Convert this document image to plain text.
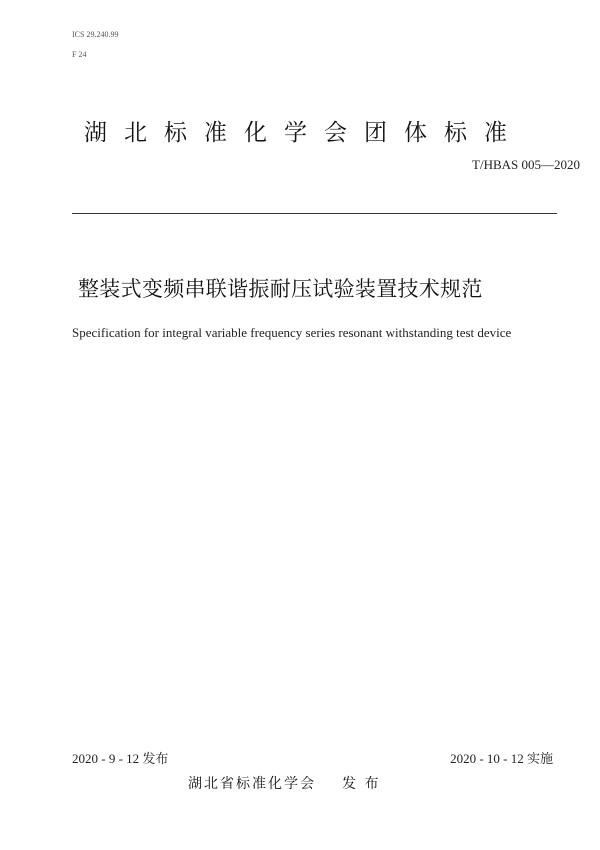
ICS 29.240.99
F 24
湖北标准化学会团体标准
T/HBAS 005—2020
整装式变频串联谐振耐压试验装置技术规范
Specification for integral variable frequency series resonant withstanding test device
2020 - 9 - 12 发布	2020 - 10 - 12 实施
湖北省标准化学会 发 布
